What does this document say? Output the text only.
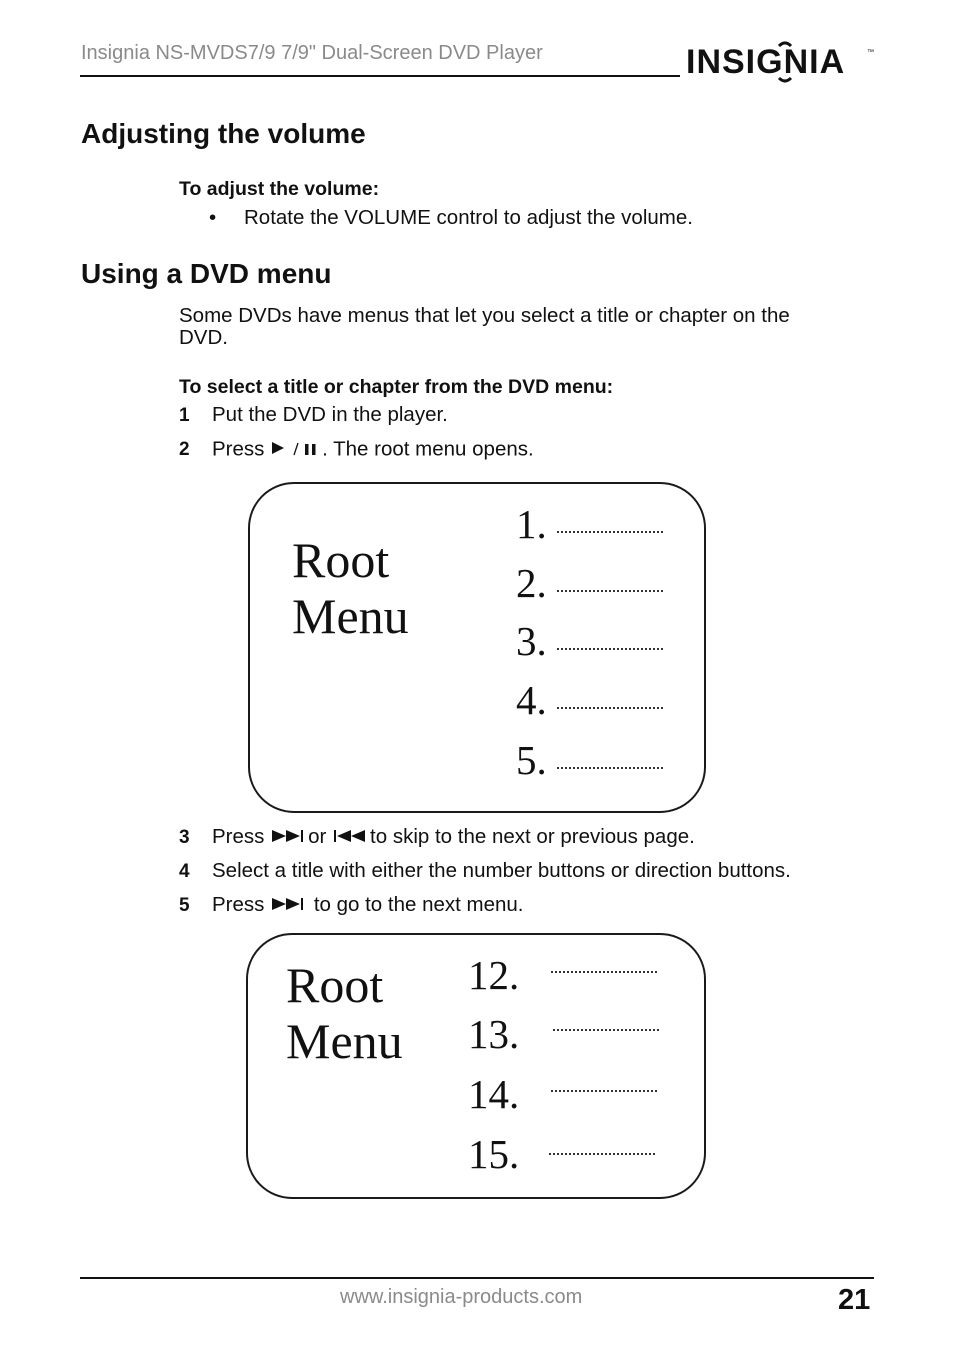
Insignia NS-MVDS7/9 7/9" Dual-Screen DVD Player	INSIGNIA	™
Adjusting the volume
To adjust the volume:
• Rotate the VOLUME control to adjust the volume.
Using a DVD menu
Some DVDs have menus that let you select a title or chapter on the
DVD.
To select a title or chapter from the DVD menu:
1 Put the DVD in the player.
2 Press	. The root menu opens.
Root
Menu
1.
2.
3.
4.
5.
3 Press or to skip to the next or previous page.
4 Select a title with either the number buttons or direction buttons.
5 Press to go to the next menu.
Root
Menu
12.
13.
14.
15.
www.insignia-products.com	21
